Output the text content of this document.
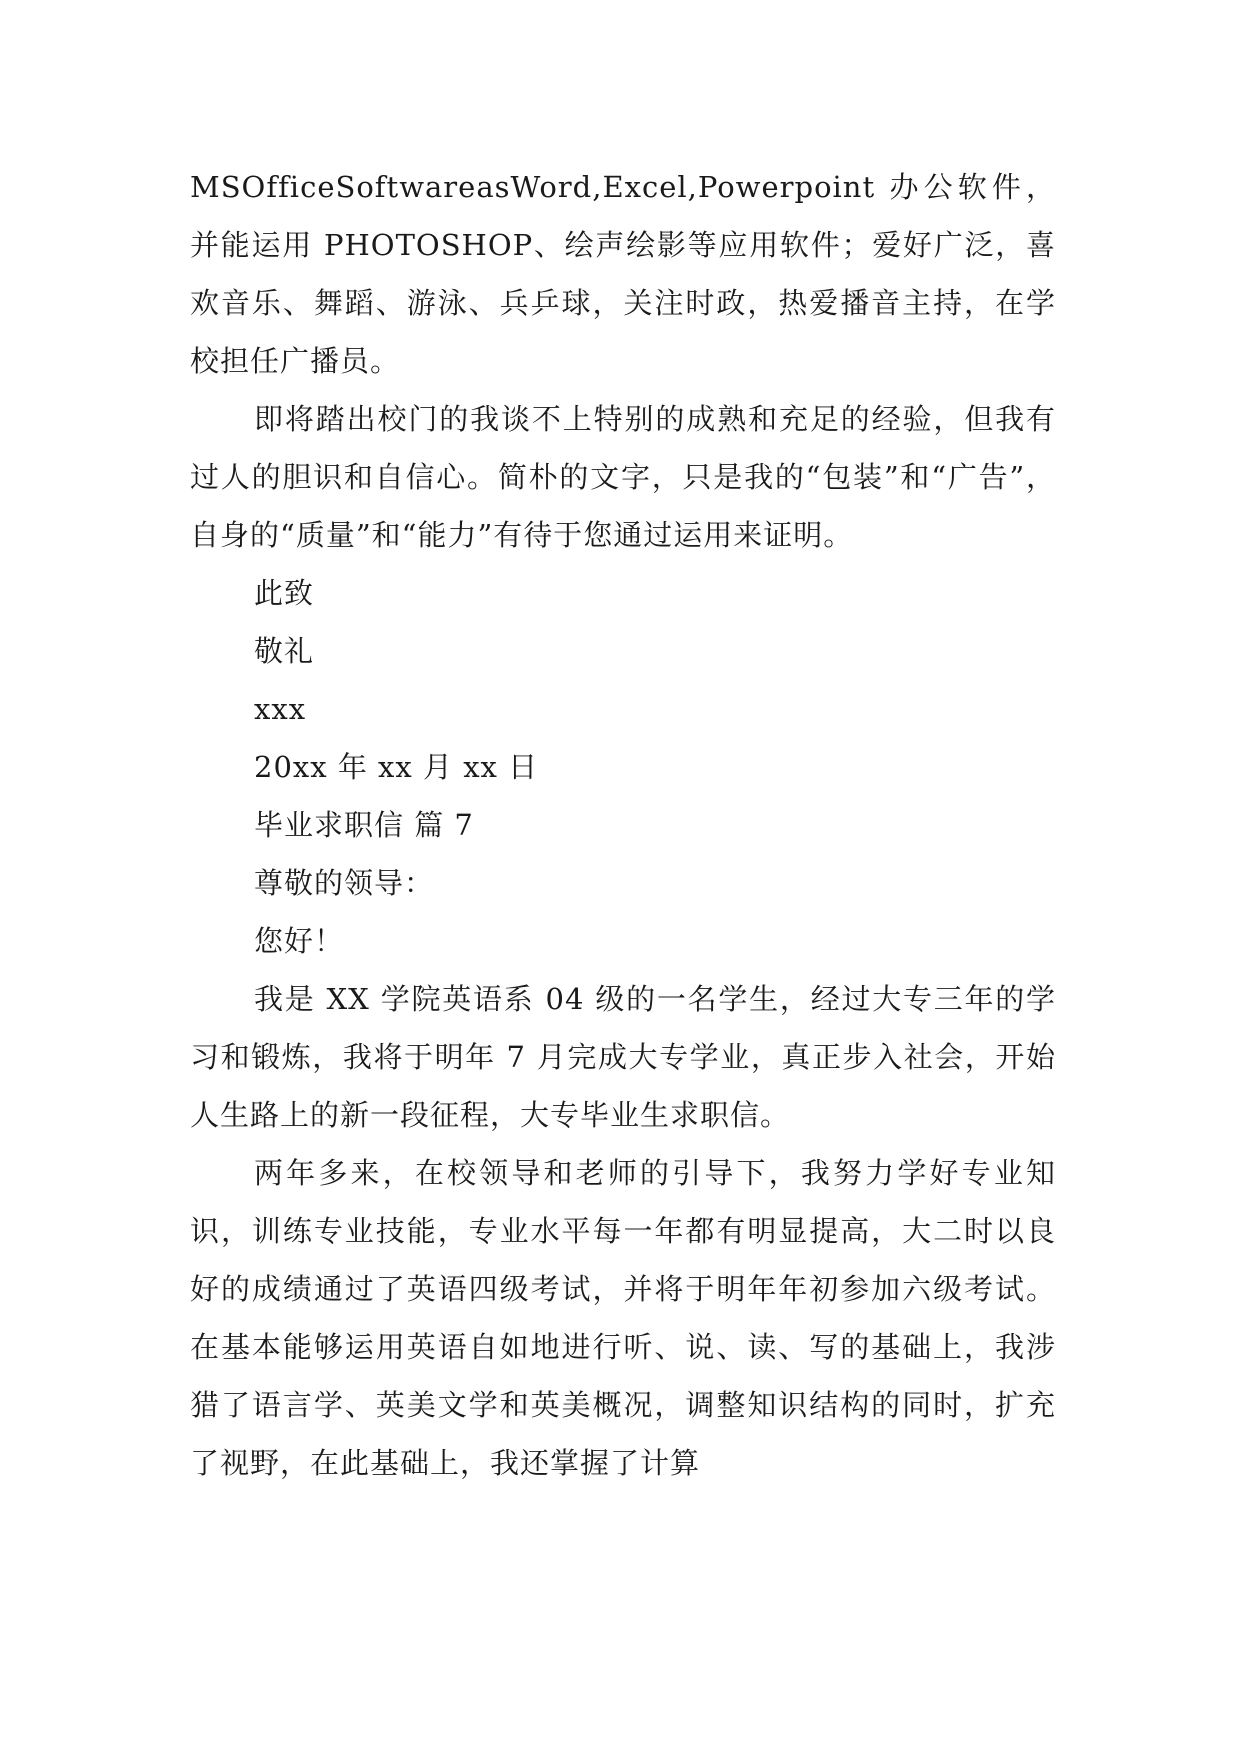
MSOfficeSoftwareasWord,Excel,Powerpoint 办公软件，并能运用 PHOTOSHOP、绘声绘影等应用软件；爱好广泛，喜欢音乐、舞蹈、游泳、兵乒球，关注时政，热爱播音主持，在学校担任广播员。

即将踏出校门的我谈不上特别的成熟和充足的经验，但我有过人的胆识和自信心。简朴的文字，只是我的“包装”和“广告”，自身的“质量”和“能力”有待于您通过运用来证明。

此致

敬礼

xxx

20xx 年 xx 月 xx 日

毕业求职信 篇 7

尊敬的领导：

您好！

我是 XX 学院英语系 04 级的一名学生，经过大专三年的学习和锻炼，我将于明年 7 月完成大专学业，真正步入社会，开始人生路上的新一段征程，大专毕业生求职信。

两年多来，在校领导和老师的引导下，我努力学好专业知识，训练专业技能，专业水平每一年都有明显提高，大二时以良好的成绩通过了英语四级考试，并将于明年年初参加六级考试。在基本能够运用英语自如地进行听、说、读、写的基础上，我涉猎了语言学、英美文学和英美概况，调整知识结构的同时，扩充了视野，在此基础上，我还掌握了计算
